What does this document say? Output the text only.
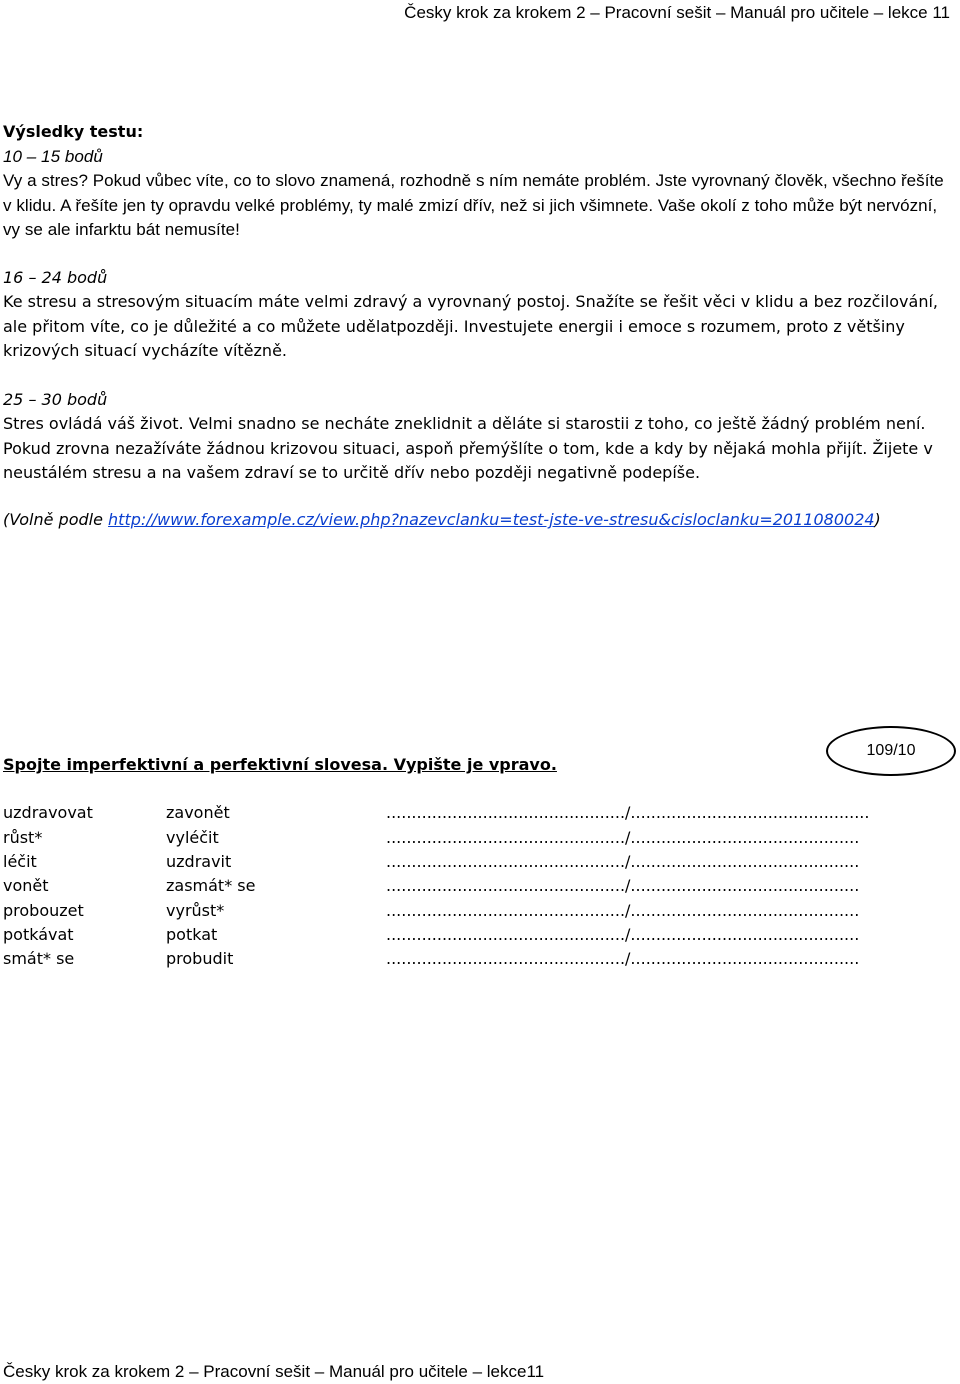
Česky krok za krokem 2 – Pracovní sešit – Manuál pro učitele – lekce 11
Výsledky testu:
10 – 15 bodů
Vy a stres? Pokud vůbec víte, co to slovo znamená, rozhodně s ním nemáte problém. Jste vyrovnaný člověk, všechno řešíte v klidu. A řešíte jen ty opravdu velké problémy, ty malé zmizí dřív, než si jich všimnete. Vaše okolí z toho může být nervózní, vy se ale infarktu bát nemusíte!
16 – 24 bodů
Ke stresu a stresovým situacím máte velmi zdravý a vyrovnaný postoj. Snažíte se řešit věci v klidu a bez rozčilování, ale přitom víte, co je důležité a co můžete udělatpozději. Investujete energii i emoce s rozumem, proto z většiny krizových situací vycházíte vítězně.
25 – 30 bodů
Stres ovládá váš život. Velmi snadno se necháte zneklidnit a děláte si starostii z toho, co ještě žádný problém není. Pokud zrovna nezažíváte žádnou krizovou situaci, aspoň přemýšlíte o tom, kde a kdy by nějaká mohla přijít. Žijete v neustálém stresu a na vašem zdraví se to určitě dřív nebo později negativně podepíše.
(Volně podle http://www.forexample.cz/view.php?nazevclanku=test-jste-ve-stresu&cisloclanku=2011080024)
109/10
Spojte imperfektivní a perfektivní slovesa. Vypište je vpravo.
uzdravovat	zavonět	.............................................../...............................................
růst*	vyléčit	.............................................../.............................................
léčit	uzdravit	.............................................../.............................................
vonět	zasmát* se	.............................................../.............................................
probouzet	vyrůst*	.............................................../.............................................
potkávat	potkat	.............................................../.............................................
smát* se	probudit	.............................................../.............................................
Česky krok za krokem 2 – Pracovní sešit – Manuál pro učitele – lekce11
